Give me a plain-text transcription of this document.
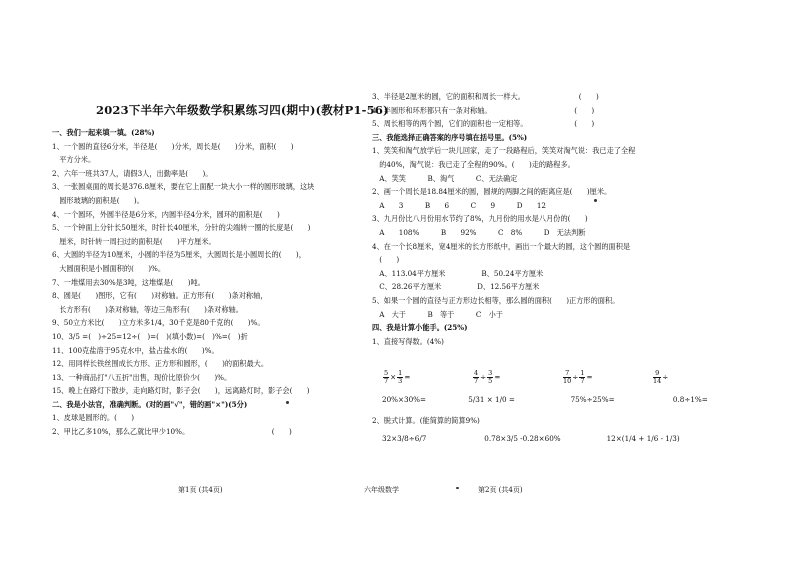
2023下半年六年级数学积累练习四(期中)(教材P1-56)
一、我们一起来填一填。(28%)
1、一个圆的直径6分米，半径是(　　)分米，周长是(　　)分米，面积(　　)
　平方分米。
2、六年一班共37人，请假3人，出勤率是(　　)。
3、一张圆桌面的周长是376.8厘米，要在它上面配一块大小一样的圆形玻璃，这块
　圆形玻璃的面积是(　　)。
4、一个圆环，外圆半径是6分米，内圆半径4分米，圆环的面积是(　　)
5、一个钟面上分针长50厘米，时针长40厘米，分针的尖端转一圈的长度是(　　)
　厘米，时针转一周扫过的面积是(　　)平方厘米。
6、大圆的半径为10厘米，小圆的半径为5厘米，大圆周长是小圆周长的(　　)，
　大圆面积是小圆面积的(　　)%。
7、一堆煤用去30%是3吨，这堆煤是(　　)吨。
8、圆是(　　)图形，它有(　　)对称轴。正方形有(　　)条对称轴，
　长方形有(　　)条对称轴，等边三角形有(　　)条对称轴。
9、50立方米比(　　)立方米多1/4，30千克是80千克的(　　)%。
10、3/5 =(　)÷25=12÷(　)=(　)(填小数)=(　)%=(　)折
11、100克盐溶于95克水中，盐占盐水的(　　)%。
12、用同样长铁丝围成长方形、正方形和圆形，(　　)的面积最大。
13、一种商品打"八五折"出售，现价比原价少(　　)%。
15、晚上在路灯下散步，走向路灯时，影子会(　　)，远离路灯时，影子会(　　)
二、我是小法官，准确判断。(对的画"√"，错的画"×")(5分)
1、皮球是圆形的。(　　)
2、甲比乙多10%，那么乙就比甲少10%。　　　　　　　　　　　　(　　)
3、半径是2厘米的圆，它的面积和周长一样大。　　　　　　　　(　　)
4、半圆形和环形都只有一条对称轴。　　　　　　　　　　　　(　　)
5、周长相等的两个圆，它们的面积也一定相等。　　　　　　　(　　)
三、我能选择正确答案的序号填在括号里。(5%)
1、笑笑和淘气放学后一块儿回家，走了一段路程后，笑笑对淘气说：我已走了全程
　的40%，淘气说：我已走了全程的90%。(　　)走的路程多。
　A、笑笑　　　B、淘气　　　C、无法确定
2、画一个周长是18.84厘米的圆，圆规的两脚之间的距离应是(　　)厘米。
　A　　3　　　B　　6　　　C　　9　　　D　　12
3、九月份比八月份用水节约了8%，九月份的用水是八月份的(　　)
　A　　108%　　　B　　92%　　　C　8%　　　D　无法判断
4、在一个长8厘米，宽4厘米的长方形纸中，画出一个最大的圆，这个圆的面积是
　(　　)
　A、113.04平方厘米　　　　　B、50.24平方厘米
　C、28.26平方厘米　　　　　D、12.56平方厘米
5、如果一个圆的直径与正方形边长相等，那么圆的面积(　　)正方形的面积。
　A　大于　　　B　等于　　　C　小于
四、我是计算小能手。(25%)
1、直接写得数。(4%)
$\frac{5}{7} \times \frac{1}{3}$ =	$\frac{4}{7} \div \frac{3}{5}$ =	$\frac{7}{10} \div \frac{1}{7}$ =	$\frac{9}{14}$ ÷
20%×30%=	5/31 × 1/0 =	75%÷25%=	0.8÷1%=
2、脱式计算。(能简算的简算9%)
32×3/8÷6/7	0.78×3/5 -0.28×60%	12×(1/4 + 1/6 - 1/3)
第1页 (共4页)	六年级数学	第2页 (共4页)
